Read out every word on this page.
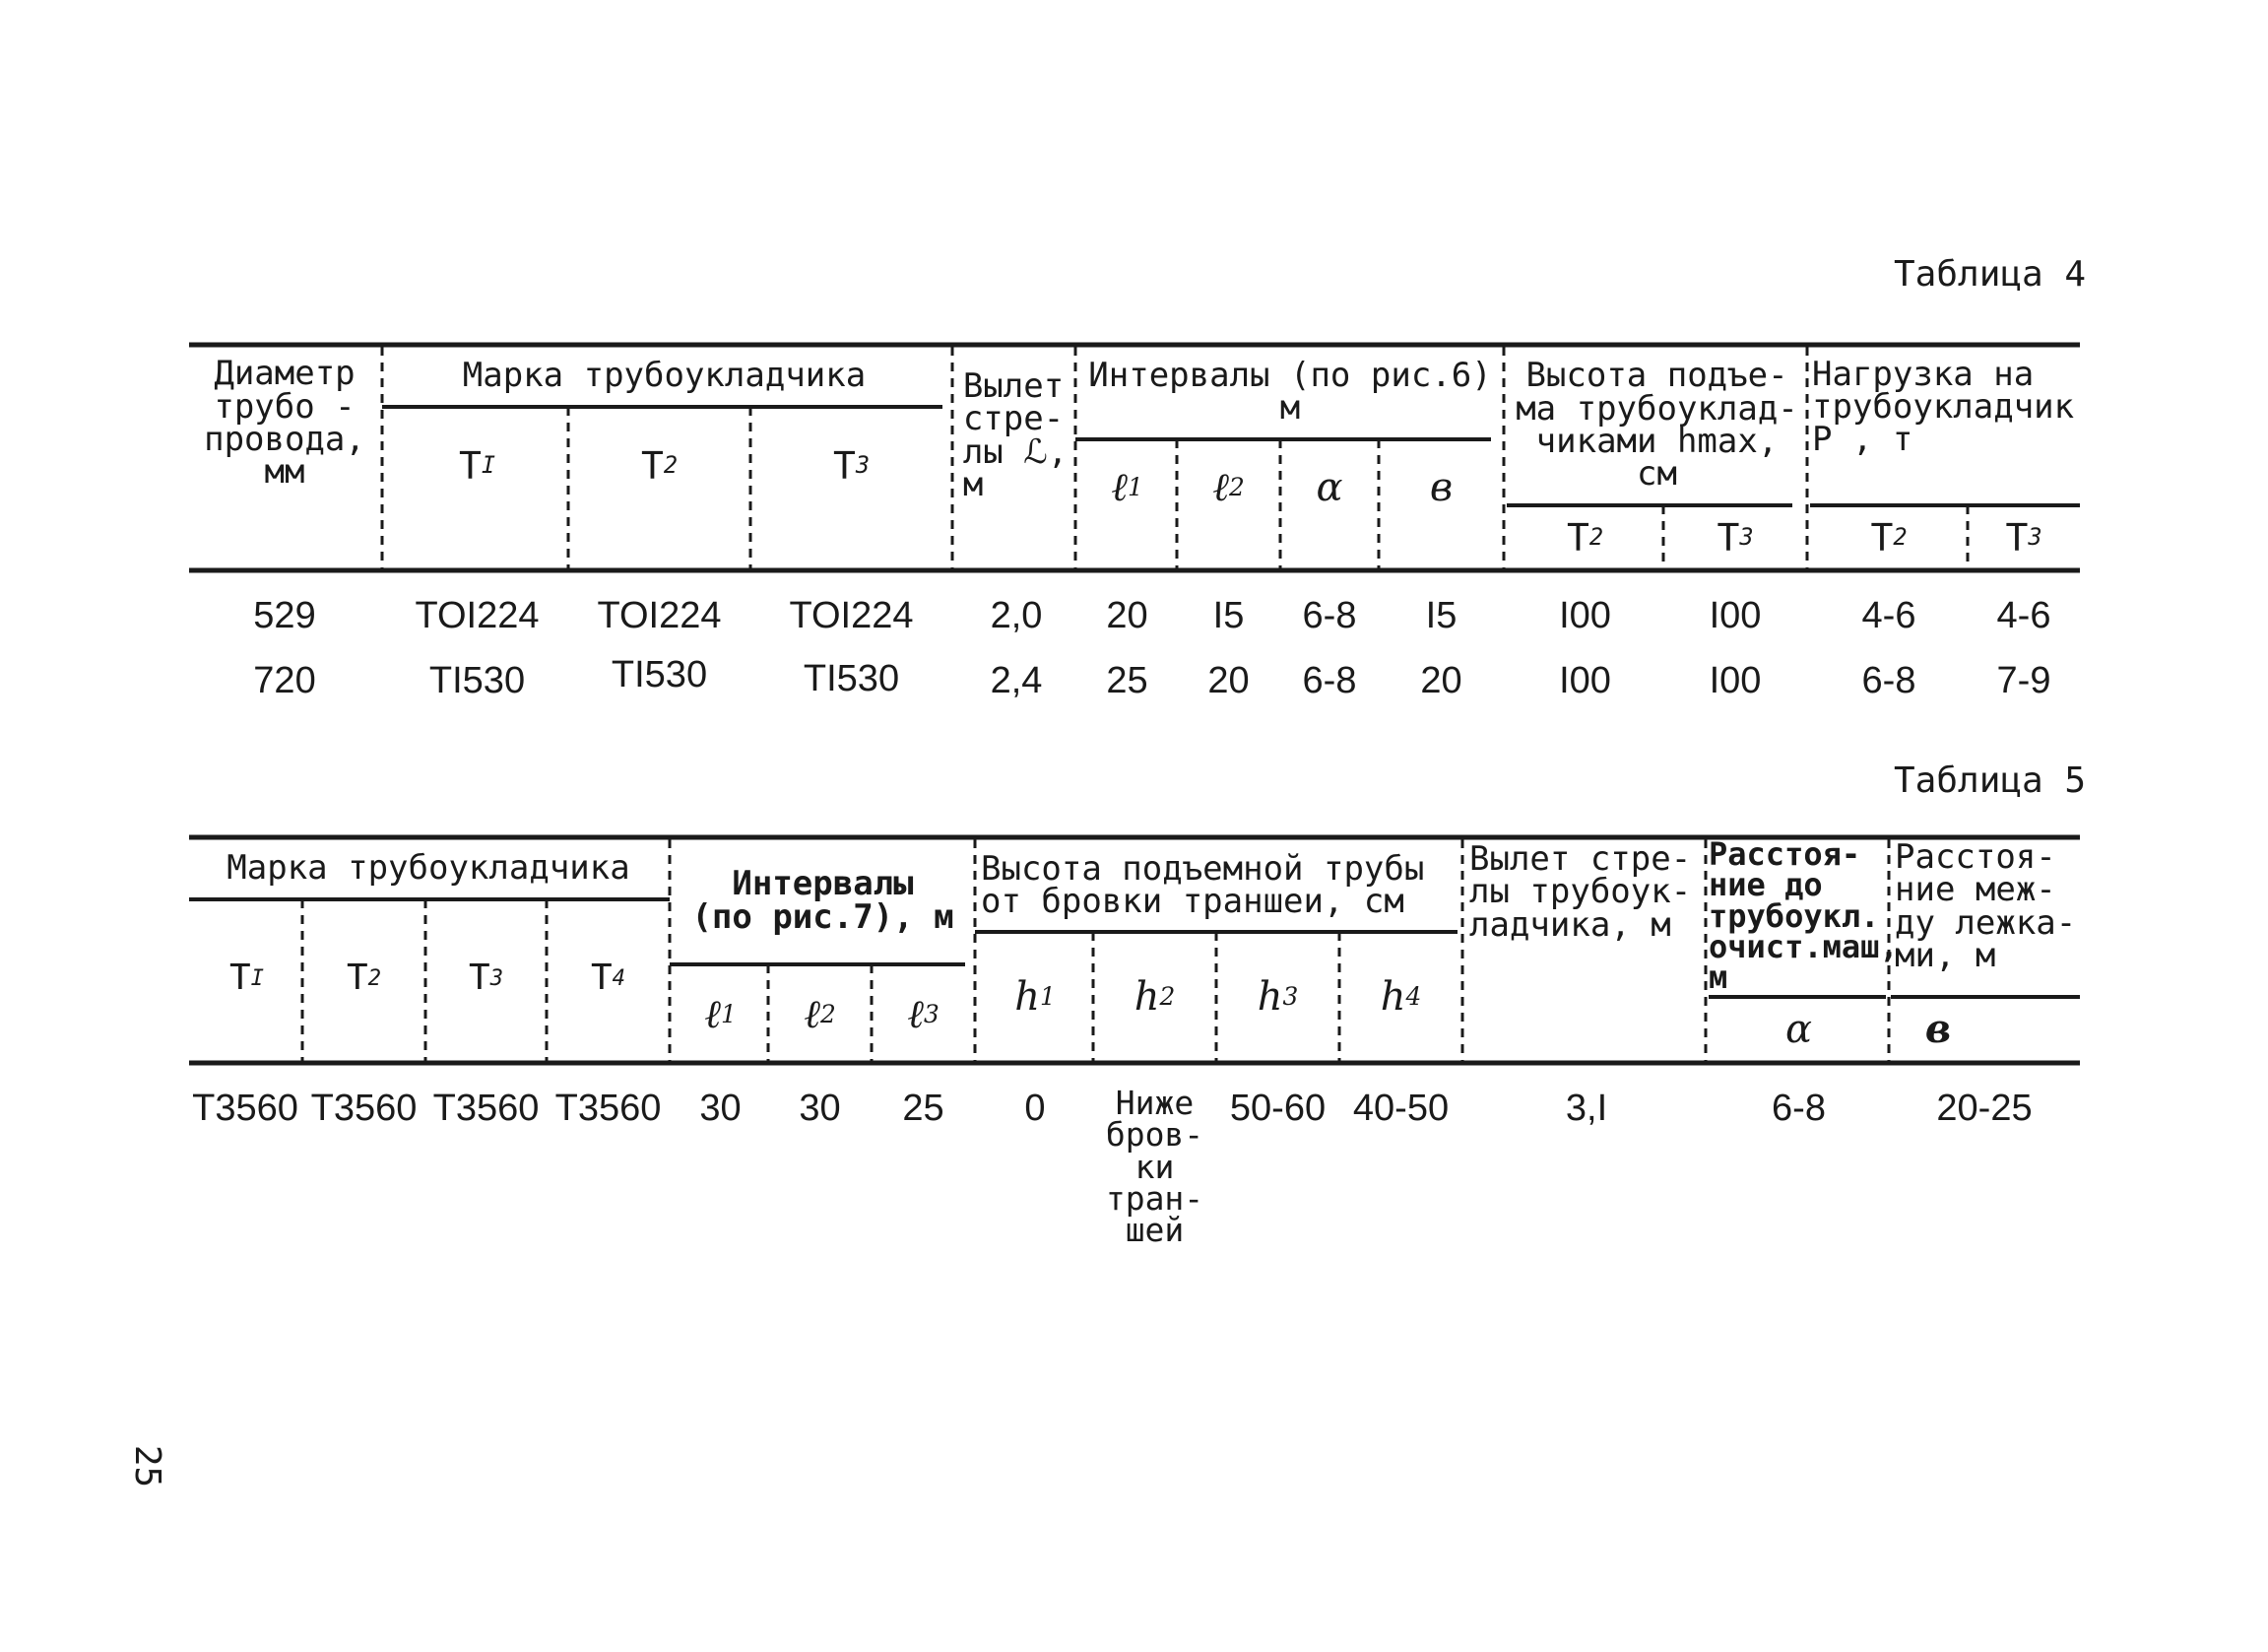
Таблица 4
Таблица 5
25
Диаметр
трубо -
провода,
мм
Марка трубоукладчика
T I	T 2	T 3
Вылет
стре-
лы ℒ,
м
Интервалы (по рис.6)
м
ℓ 1 ℓ 2	α	в
Высота подъе-
ма трубоуклад-
чиками hmax,
см
T 2	T 3
Нагрузка на
трубоукладчик
P , т
T 2	T 3
529	TOI224	TOI224	TOI224	2,0	20	I5	6-8	I5	I00	I00	4-6	4-6
720	TI530	TI530	TI530	2,4	25	20	6-8	20	I00	I00	6-8	7-9
Марка трубоукладчика
T I T 2 T 3 T 4
Интервалы
(по рис.7), м
ℓ 1 ℓ 2 ℓ 3
Высота подъемной трубы
от бровки траншеи, см
h 1 h 2 h 3 h 4
Вылет стре-
лы трубоук-
ладчика, м
Расстоя-
ние до
трубоукл.
очист.маш,
м
α
Расстоя-
ние меж-
ду лежка-
ми, м
в
T3560 T3560 T3560 T3560	30	30	25	0	Ниже
бров-
ки
тран-
шей
50-60 40-50	3,I	6-8	20-25
